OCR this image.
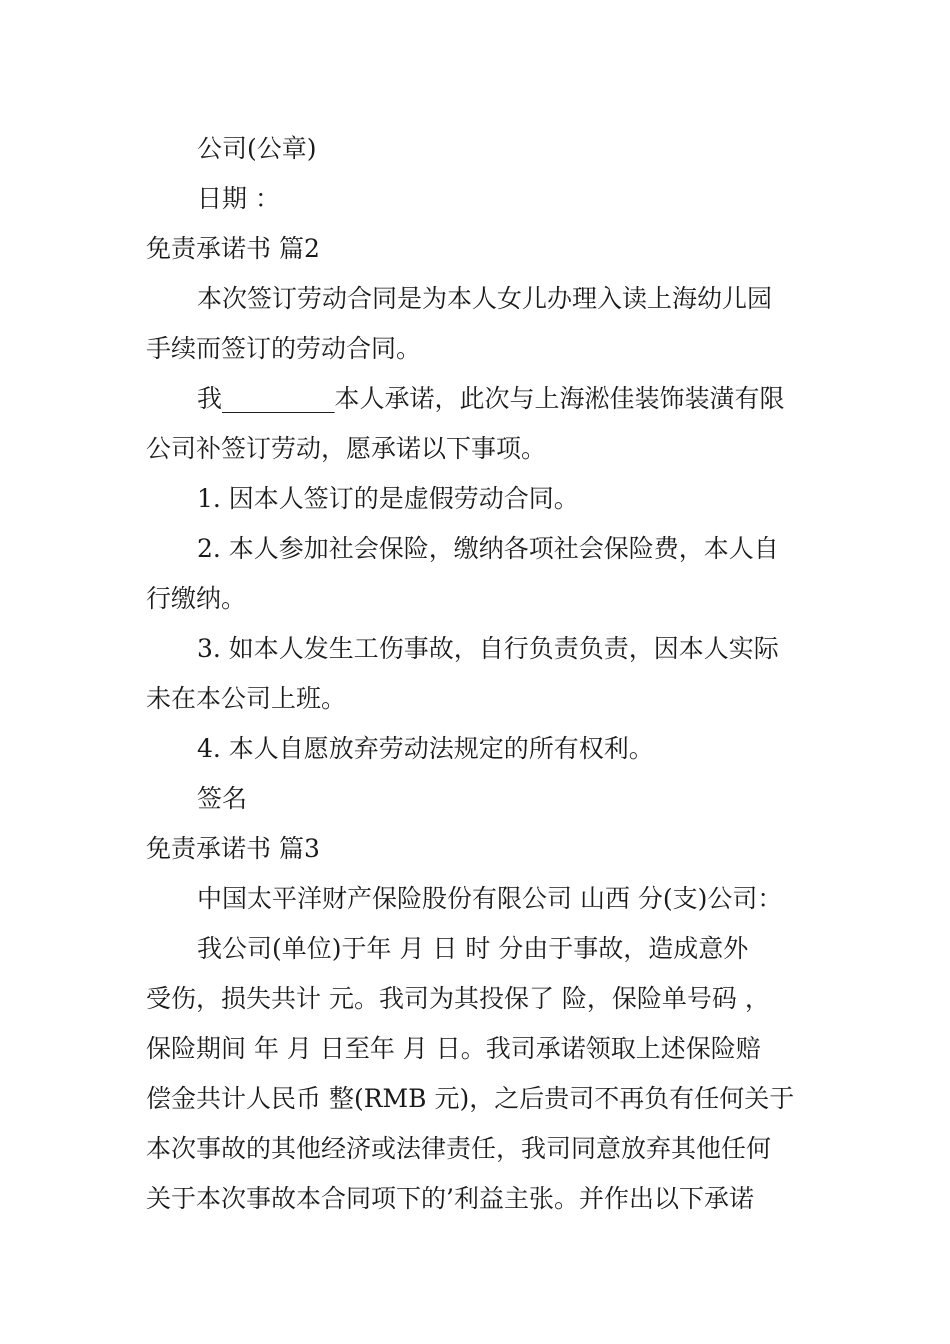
公司(公章)
日期 ：
免责承诺书 篇2
本次签订劳动合同是为本人女儿办理入读上海幼儿园
手续而签订的劳动合同。
我_________本人承诺，此次与上海淞佳装饰装潢有限
公司补签订劳动，愿承诺以下事项。
1. 因本人签订的是虚假劳动合同。
2. 本人参加社会保险，缴纳各项社会保险费，本人自
行缴纳。
3. 如本人发生工伤事故，自行负责负责，因本人实际
未在本公司上班。
4. 本人自愿放弃劳动法规定的所有权利。
签名
免责承诺书 篇3
中国太平洋财产保险股份有限公司 山西 分(支)公司：
我公司(单位)于年 月 日 时 分由于事故，造成意外
受伤，损失共计 元。我司为其投保了 险，保险单号码 ，
保险期间 年 月 日至年 月 日。我司承诺领取上述保险赔
偿金共计人民币 整(RMB 元)，之后贵司不再负有任何关于
本次事故的其他经济或法律责任，我司同意放弃其他任何
关于本次事故本合同项下的’利益主张。并作出以下承诺
